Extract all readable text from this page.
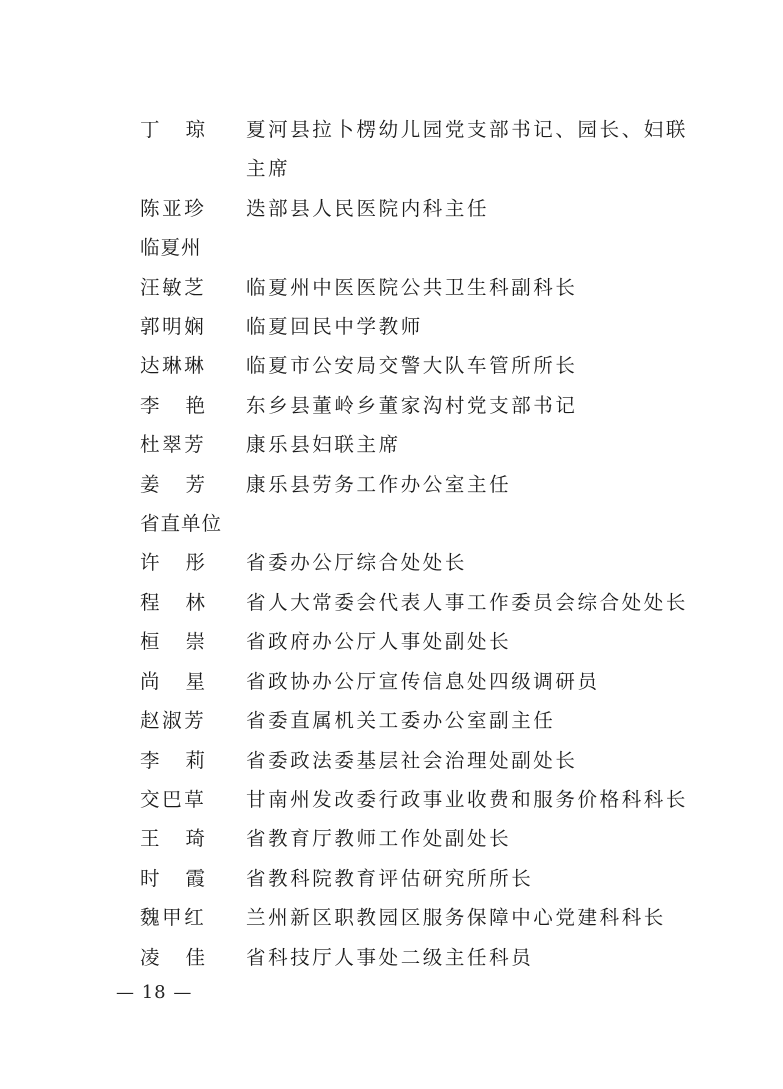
丁琼 夏河县拉卜楞幼儿园党支部书记、园长、妇联主席
陈亚珍	迭部县人民医院内科主任
临夏州
汪敏芝	临夏州中医医院公共卫生科副科长
郭明娴	临夏回民中学教师
达琳琳	临夏市公安局交警大队车管所所长
李艳 东乡县董岭乡董家沟村党支部书记
杜翠芳	康乐县妇联主席
姜芳 康乐县劳务工作办公室主任
省直单位
许彤 省委办公厅综合处处长
程林 省人大常委会代表人事工作委员会综合处处长
桓崇 省政府办公厅人事处副处长
尚星 省政协办公厅宣传信息处四级调研员
赵淑芳	省委直属机关工委办公室副主任
李莉 省委政法委基层社会治理处副处长
交巴草	甘南州发改委行政事业收费和服务价格科科长
王琦 省教育厅教师工作处副处长
时霞 省教科院教育评估研究所所长
魏甲红	兰州新区职教园区服务保障中心党建科科长
凌佳 省科技厅人事处二级主任科员
— 18 —
